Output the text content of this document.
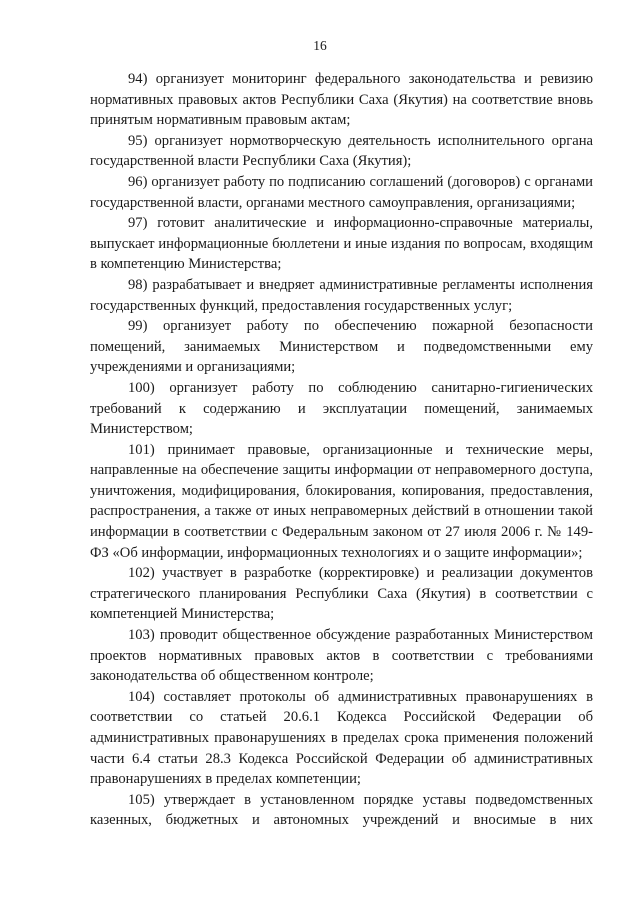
16

94) организует мониторинг федерального законодательства и ревизию нормативных правовых актов Республики Саха (Якутия) на соответствие вновь принятым нормативным правовым актам;

95) организует нормотворческую деятельность исполнительного органа государственной власти Республики Саха (Якутия);

96) организует работу по подписанию соглашений (договоров) с органами государственной власти, органами местного самоуправления, организациями;

97) готовит аналитические и информационно-справочные материалы, выпускает информационные бюллетени и иные издания по вопросам, входящим в компетенцию Министерства;

98) разрабатывает и внедряет административные регламенты исполнения государственных функций, предоставления государственных услуг;

99) организует работу по обеспечению пожарной безопасности помещений, занимаемых Министерством и подведомственными ему учреждениями и организациями;

100) организует работу по соблюдению санитарно-гигиенических требований к содержанию и эксплуатации помещений, занимаемых Министерством;

101) принимает правовые, организационные и технические меры, направленные на обеспечение защиты информации от неправомерного доступа, уничтожения, модифицирования, блокирования, копирования, предоставления, распространения, а также от иных неправомерных действий в отношении такой информации в соответствии с Федеральным законом от 27 июля 2006 г. № 149-ФЗ «Об информации, информационных технологиях и о защите информации»;

102) участвует в разработке (корректировке) и реализации документов стратегического планирования Республики Саха (Якутия) в соответствии с компетенцией Министерства;

103) проводит общественное обсуждение разработанных Министерством проектов нормативных правовых актов в соответствии с требованиями законодательства об общественном контроле;

104) составляет протоколы об административных правонарушениях в соответствии со статьей 20.6.1 Кодекса Российской Федерации об административных правонарушениях в пределах срока применения положений части 6.4 статьи 28.3 Кодекса Российской Федерации об административных правонарушениях в пределах компетенции;

105) утверждает в установленном порядке уставы подведомственных казенных, бюджетных и автономных учреждений и вносимые в них
